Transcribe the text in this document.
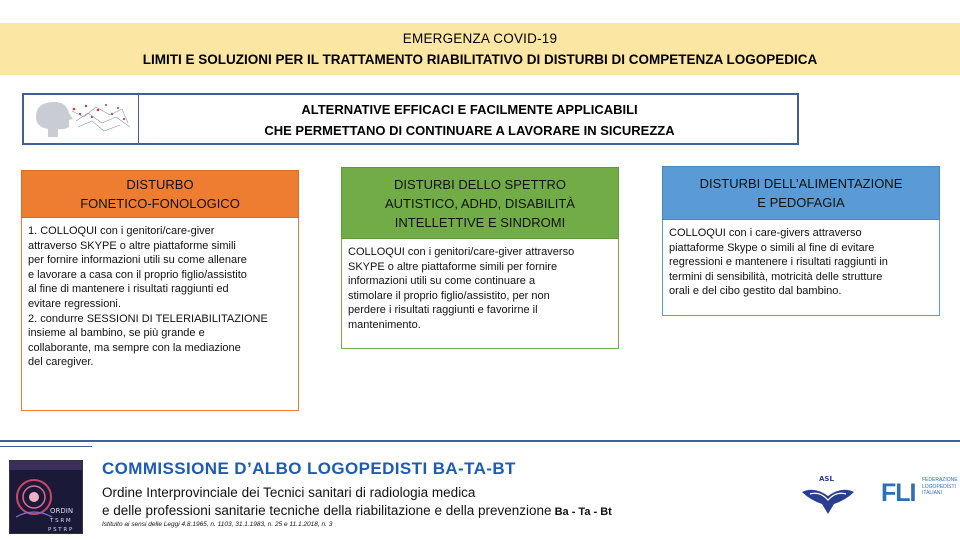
EMERGENZA COVID-19
LIMITI E SOLUZIONI PER IL TRATTAMENTO RIABILITATIVO DI DISTURBI DI COMPETENZA LOGOPEDICA
ALTERNATIVE EFFICACI E FACILMENTE APPLICABILI
CHE PERMETTANO DI CONTINUARE A LAVORARE IN SICUREZZA
DISTURBO
FONETICO-FONOLOGICO
1. COLLOQUI con i genitori/care-giver
attraverso SKYPE o altre piattaforme simili
per fornire informazioni utili su come allenare
e lavorare a casa con il proprio figlio/assistito
al fine di mantenere i risultati raggiunti ed
evitare regressioni.
2. condurre SESSIONI DI TELERIABILITAZIONE
insieme al bambino, se più grande e
collaborante, ma sempre con la mediazione
del caregiver.
DISTURBI DELLO SPETTRO
AUTISTICO, ADHD, DISABILITÀ
INTELLETTIVE E SINDROMI
COLLOQUI con i genitori/care-giver attraverso
SKYPE o altre piattaforme simili per fornire
informazioni utili su come continuare a
stimolare il proprio figlio/assistito, per non
perdere i risultati raggiunti e favorirne il
mantenimento.
DISTURBI DELL’ALIMENTAZIONE
E PEDOFAGIA
COLLOQUI con i care-givers attraverso
piattaforme Skype o simili al fine di evitare
regressioni e mantenere i risultati raggiunti in
termini di sensibilità, motricità delle strutture
orali e del cibo gestito dal bambino.
ORDIN
T S R M
P S T R P
COMMISSIONE D’ALBO LOGOPEDISTI BA-TA-BT
Ordine Interprovinciale dei Tecnici sanitari di radiologia medica
e delle professioni sanitarie tecniche della riabilitazione e della prevenzione Ba - Ta - Bt
Istituito ai sensi delle Leggi 4.8.1965, n. 1103, 31.1.1983, n. 25 e 11.1.2018, n. 3
ASL FLI FEDERAZIONE
LOGOPEDISTI
ITALIANI
